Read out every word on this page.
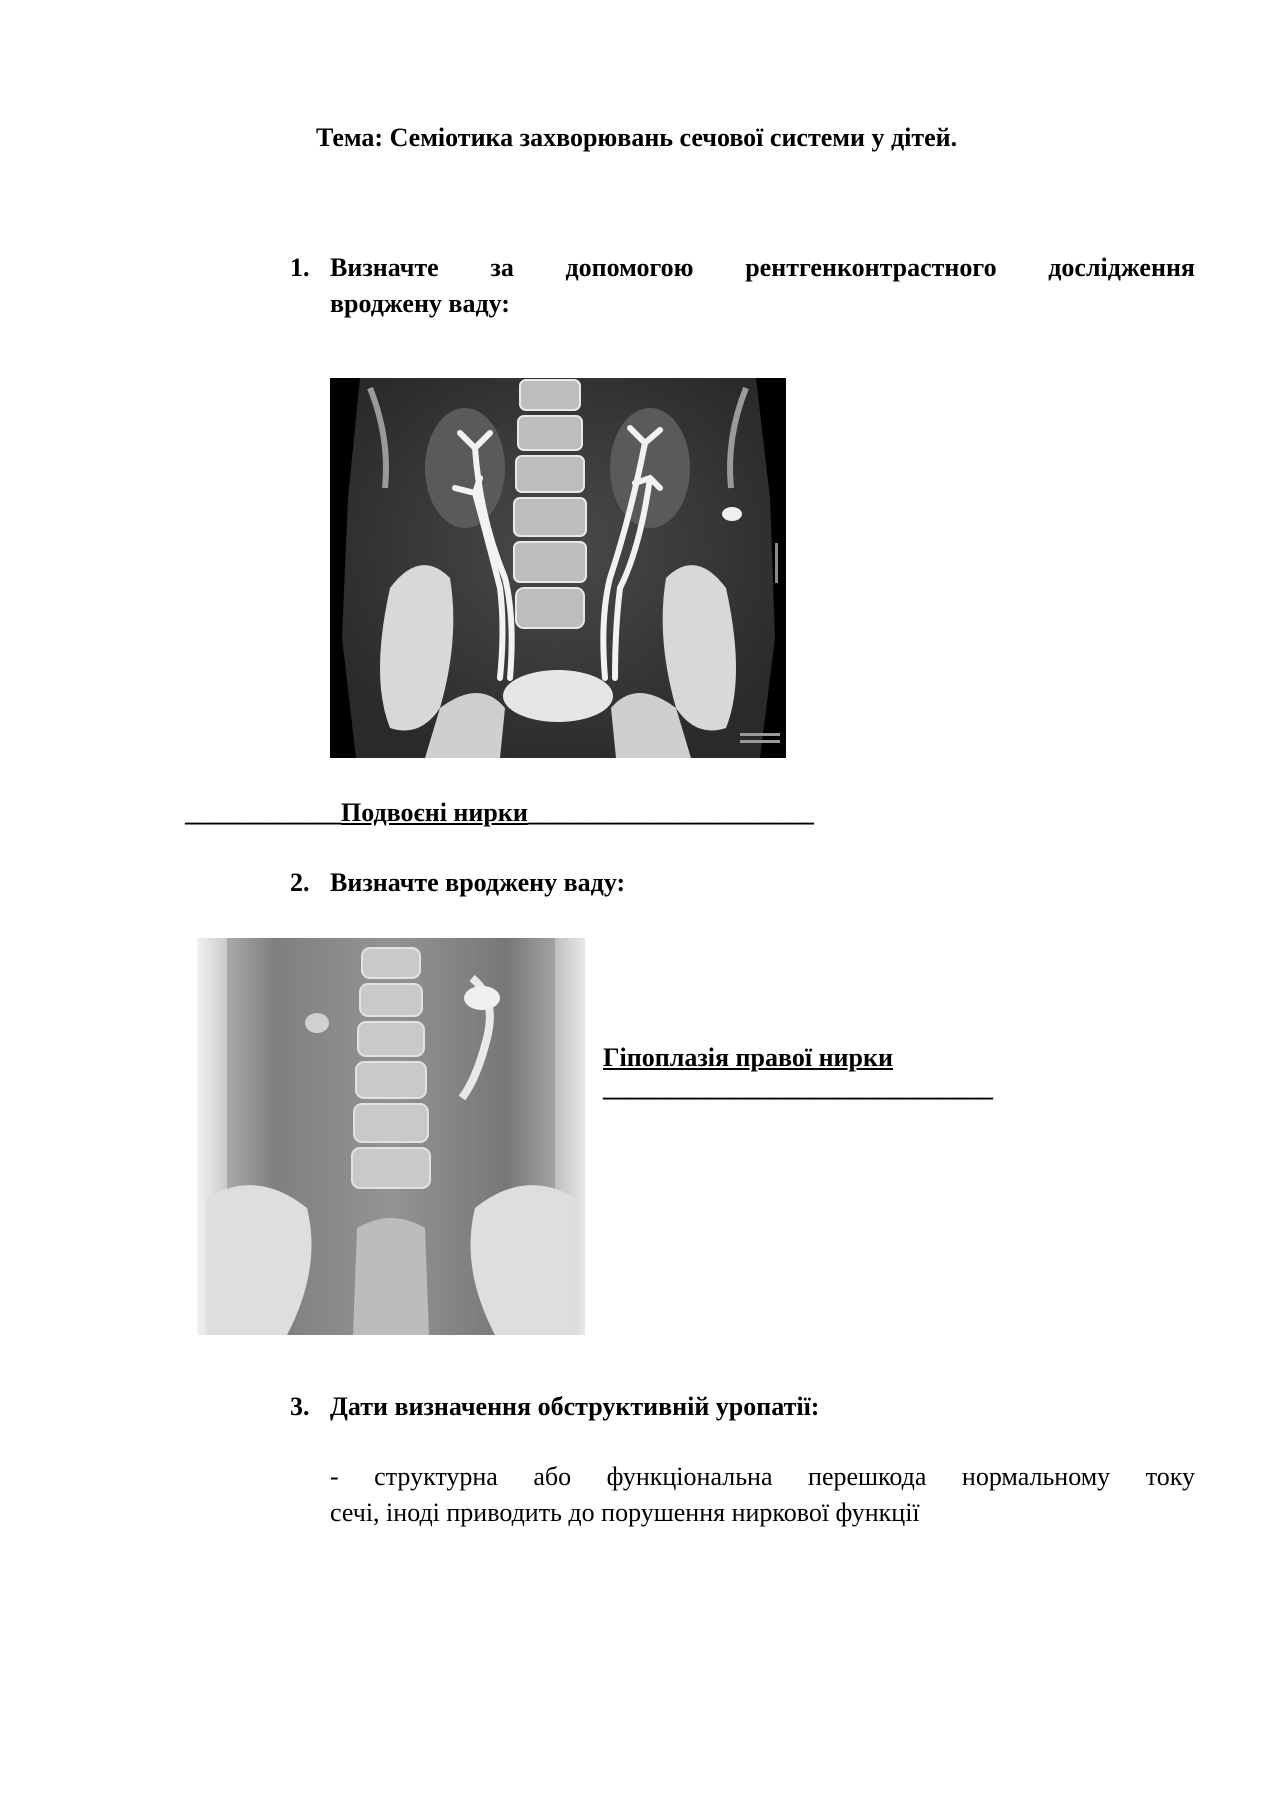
Тема: Семіотика захворювань сечової системи у дітей.
1. Визначте за допомогою рентгенконтрастного дослідження
вроджену ваду:
____________Подвоєні нирки______________________
2. Визначте вроджену ваду:
Гіпоплазія правої нирки
______________________________
3. Дати визначення обструктивній уропатії:
- структурна або функціональна перешкода нормальному току
сечі, іноді приводить до порушення ниркової функції
